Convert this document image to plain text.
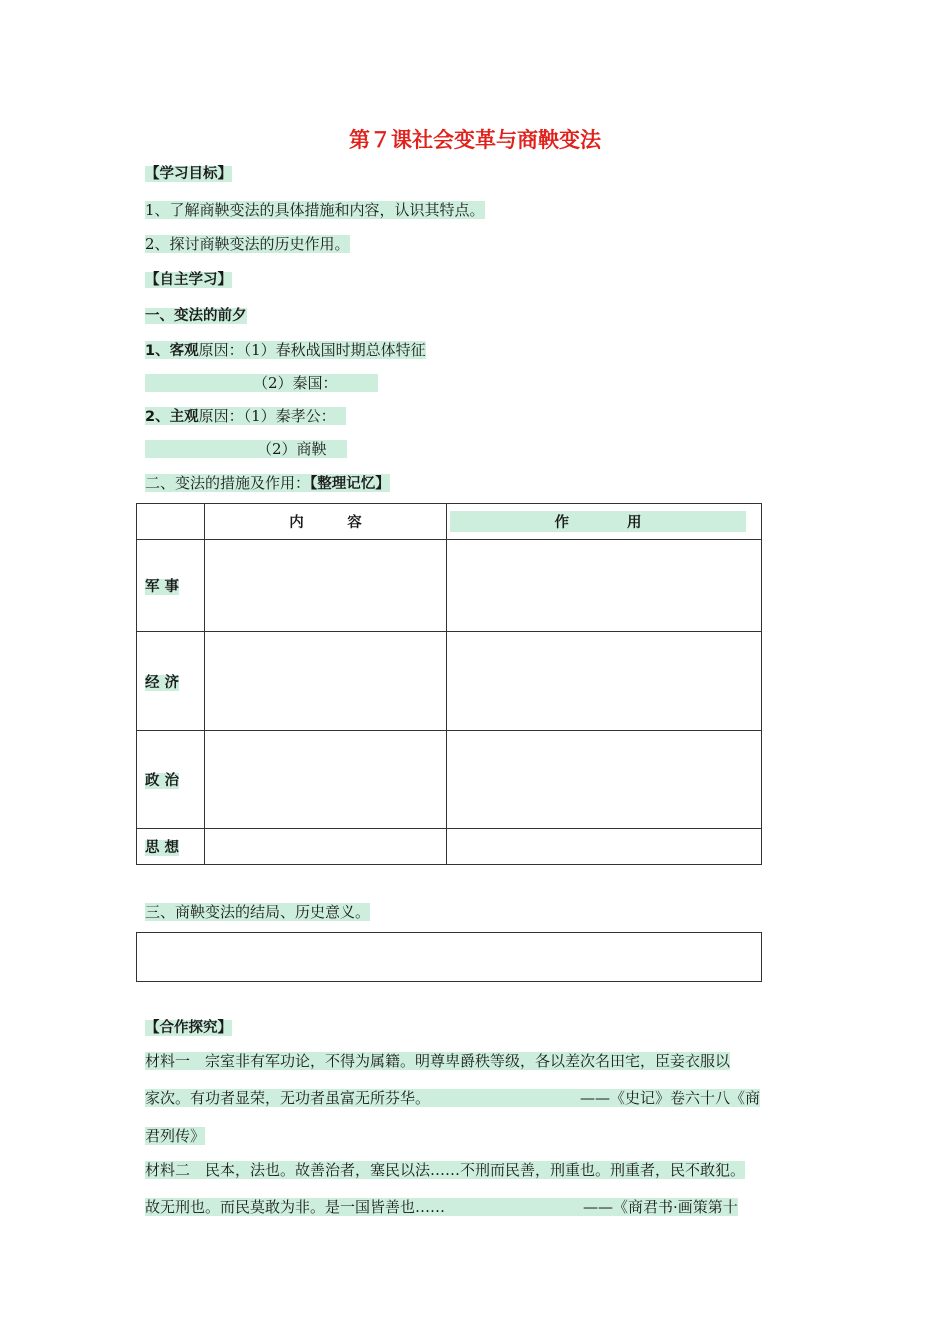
第７课社会变革与商鞅变法
【学习目标】
1、了解商鞅变法的具体措施和内容，认识其特点。
2、探讨商鞅变法的历史作用。
【自主学习】
一、变法的前夕
1、客观原因：（1）春秋战国时期总体特征
（2）秦国：
2、主观原因：（1）秦孝公：
（2）商鞅
二、变法的措施及作用：【整理记忆】
	内　　　容	作　　　　用
军 事		
经 济		
政 治		
思 想		
三、商鞅变法的结局、历史意义。
【合作探究】
材料一　宗室非有军功论，不得为属籍。明尊卑爵秩等级，各以差次名田宅，臣妾衣服以
家次。有功者显荣，无功者虽富无所芬华。	——《史记》卷六十八《商
君列传》
材料二　民本，法也。故善治者，塞民以法……不刑而民善，刑重也。刑重者，民不敢犯。
故无刑也。而民莫敢为非。是一国皆善也……	——《商君书·画策第十
